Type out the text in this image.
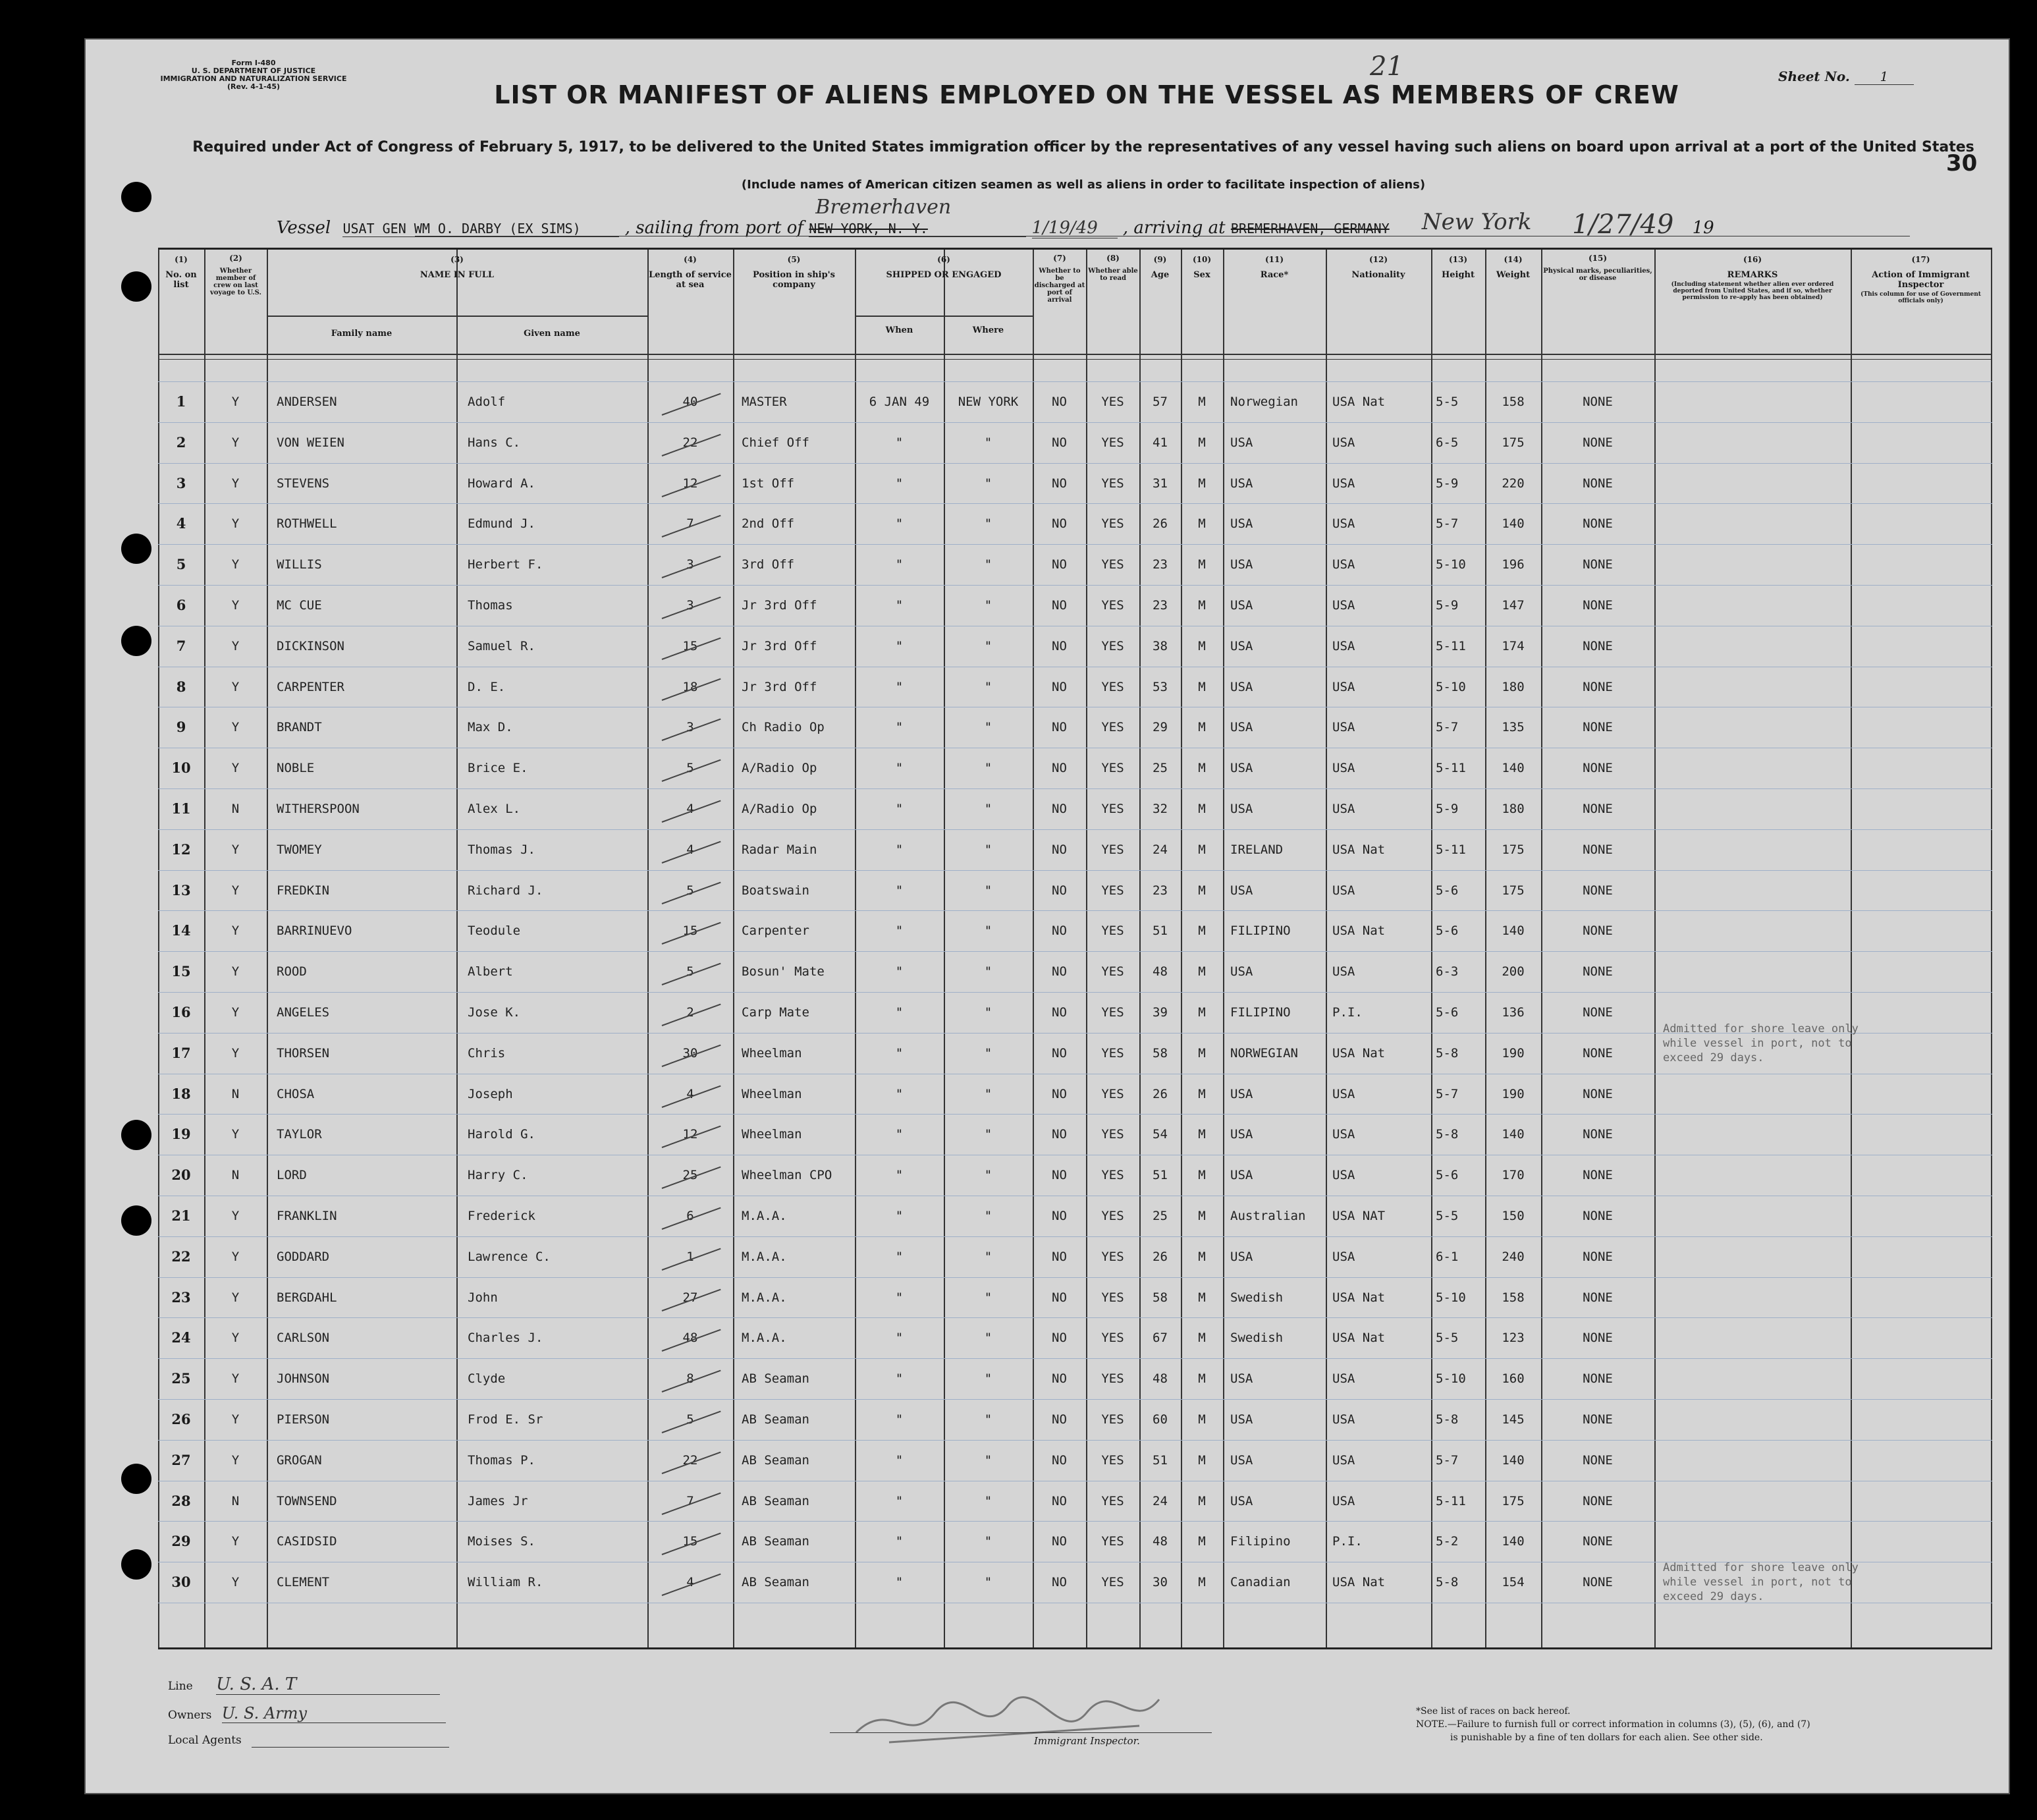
Form I-480
U. S. DEPARTMENT OF JUSTICE
IMMIGRATION AND NATURALIZATION SERVICE
(Rev. 4-1-45)
21
LIST OR MANIFEST OF ALIENS EMPLOYED ON THE VESSEL AS MEMBERS OF CREW
Sheet No. 1
Required under Act of Congress of February 5, 1917, to be delivered to the United States immigration officer by the representatives of any vessel having such aliens on board upon arrival at a port of the United States
(Include names of American citizen seamen as well as aliens in order to facilitate inspection of aliens)
30
Vessel USAT GEN WM O. DARBY (EX SIMS)	, sailing from port of NEW YORK, N. Y.
Bremerhaven
1/19/49 , arriving at BREMERHAVEN, GERMANY New York 1/27/49 19
(1)
No. on list
(2)
Whether member of crew on last voyage to U.S.
(3)
NAME IN FULL
Family name	Given name
(4)
Length of service at sea
(5)
Position in ship's company
(6)
SHIPPED OR ENGAGED
When	Where
(7)
Whether to be discharged at port of arrival
(8)
Whether able to read
(9)
Age
(10)
Sex
(11)
Race*
(12)
Nationality
(13)
Height
(14)
Weight
(15)
Physical marks, peculiarities, or disease
(16)
REMARKS
(Including statement whether alien ever ordered deported from United States, and if so, whether permission to re-apply has been obtained)
(17)
Action of Immigrant Inspector
(This column for use of Government officials only)
1	Y	ANDERSEN	Adolf	40	MASTER	6 JAN 49	NEW YORK	NO	YES	57	M	Norwegian	USA Nat	5-5	158	NONE
2	Y	VON WEIEN	Hans C.	22	Chief Off	"	"	NO	YES	41	M	USA	USA	6-5	175	NONE
3	Y	STEVENS	Howard A.	12	1st Off	"	"	NO	YES	31	M	USA	USA	5-9	220	NONE
4	Y	ROTHWELL	Edmund J.	7	2nd Off	"	"	NO	YES	26	M	USA	USA	5-7	140	NONE
5	Y	WILLIS	Herbert F.	3	3rd Off	"	"	NO	YES	23	M	USA	USA	5-10	196	NONE
6	Y	MC CUE	Thomas	3	Jr 3rd Off	"	"	NO	YES	23	M	USA	USA	5-9	147	NONE
7	Y	DICKINSON	Samuel R.	15	Jr 3rd Off	"	"	NO	YES	38	M	USA	USA	5-11	174	NONE
8	Y	CARPENTER	D. E.	18	Jr 3rd Off	"	"	NO	YES	53	M	USA	USA	5-10	180	NONE
9	Y	BRANDT	Max D.	3	Ch Radio Op	"	"	NO	YES	29	M	USA	USA	5-7	135	NONE
10	Y	NOBLE	Brice E.	5	A/Radio Op	"	"	NO	YES	25	M	USA	USA	5-11	140	NONE
11	N	WITHERSPOON	Alex L.	4	A/Radio Op	"	"	NO	YES	32	M	USA	USA	5-9	180	NONE
12	Y	TWOMEY	Thomas J.	4	Radar Main	"	"	NO	YES	24	M	IRELAND	USA Nat	5-11	175	NONE
13	Y	FREDKIN	Richard J.	5	Boatswain	"	"	NO	YES	23	M	USA	USA	5-6	175	NONE
14	Y	BARRINUEVO	Teodule	15	Carpenter	"	"	NO	YES	51	M	FILIPINO	USA Nat	5-6	140	NONE
15	Y	ROOD	Albert	5	Bosun' Mate	"	"	NO	YES	48	M	USA	USA	6-3	200	NONE
16	Y	ANGELES	Jose K.	2	Carp Mate	"	"	NO	YES	39	M	FILIPINO	P.I.	5-6	136	NONE
17	Y	THORSEN	Chris	30	Wheelman	"	"	NO	YES	58	M	NORWEGIAN	USA Nat	5-8	190	NONE
18	N	CHOSA	Joseph	4	Wheelman	"	"	NO	YES	26	M	USA	USA	5-7	190	NONE
19	Y	TAYLOR	Harold G.	12	Wheelman	"	"	NO	YES	54	M	USA	USA	5-8	140	NONE
20	N	LORD	Harry C.	25	Wheelman CPO	"	"	NO	YES	51	M	USA	USA	5-6	170	NONE
21	Y	FRANKLIN	Frederick	6	M.A.A.	"	"	NO	YES	25	M	Australian	USA NAT	5-5	150	NONE
22	Y	GODDARD	Lawrence C.	1	M.A.A.	"	"	NO	YES	26	M	USA	USA	6-1	240	NONE
23	Y	BERGDAHL	John	27	M.A.A.	"	"	NO	YES	58	M	Swedish	USA Nat	5-10	158	NONE
24	Y	CARLSON	Charles J.	48	M.A.A.	"	"	NO	YES	67	M	Swedish	USA Nat	5-5	123	NONE
25	Y	JOHNSON	Clyde	8	AB Seaman	"	"	NO	YES	48	M	USA	USA	5-10	160	NONE
26	Y	PIERSON	Frod E. Sr	5	AB Seaman	"	"	NO	YES	60	M	USA	USA	5-8	145	NONE
27	Y	GROGAN	Thomas P.	22	AB Seaman	"	"	NO	YES	51	M	USA	USA	5-7	140	NONE
28	N	TOWNSEND	James Jr	7	AB Seaman	"	"	NO	YES	24	M	USA	USA	5-11	175	NONE
29	Y	CASIDSID	Moises S.	15	AB Seaman	"	"	NO	YES	48	M	Filipino	P.I.	5-2	140	NONE
30	Y	CLEMENT	William R.	4	AB Seaman	"	"	NO	YES	30	M	Canadian	USA Nat	5-8	154	NONE
Admitted for shore leave only
while vessel in port, not to
exceed 29 days.
Admitted for shore leave only
while vessel in port, not to
exceed 29 days.
Line U. S. A. T
Owners U. S. Army
Local Agents	Immigrant Inspector.
*See list of races on back hereof.
NOTE.—Failure to furnish full or correct information in columns (3), (5), (6), and (7)
is punishable by a fine of ten dollars for each alien. See other side.
